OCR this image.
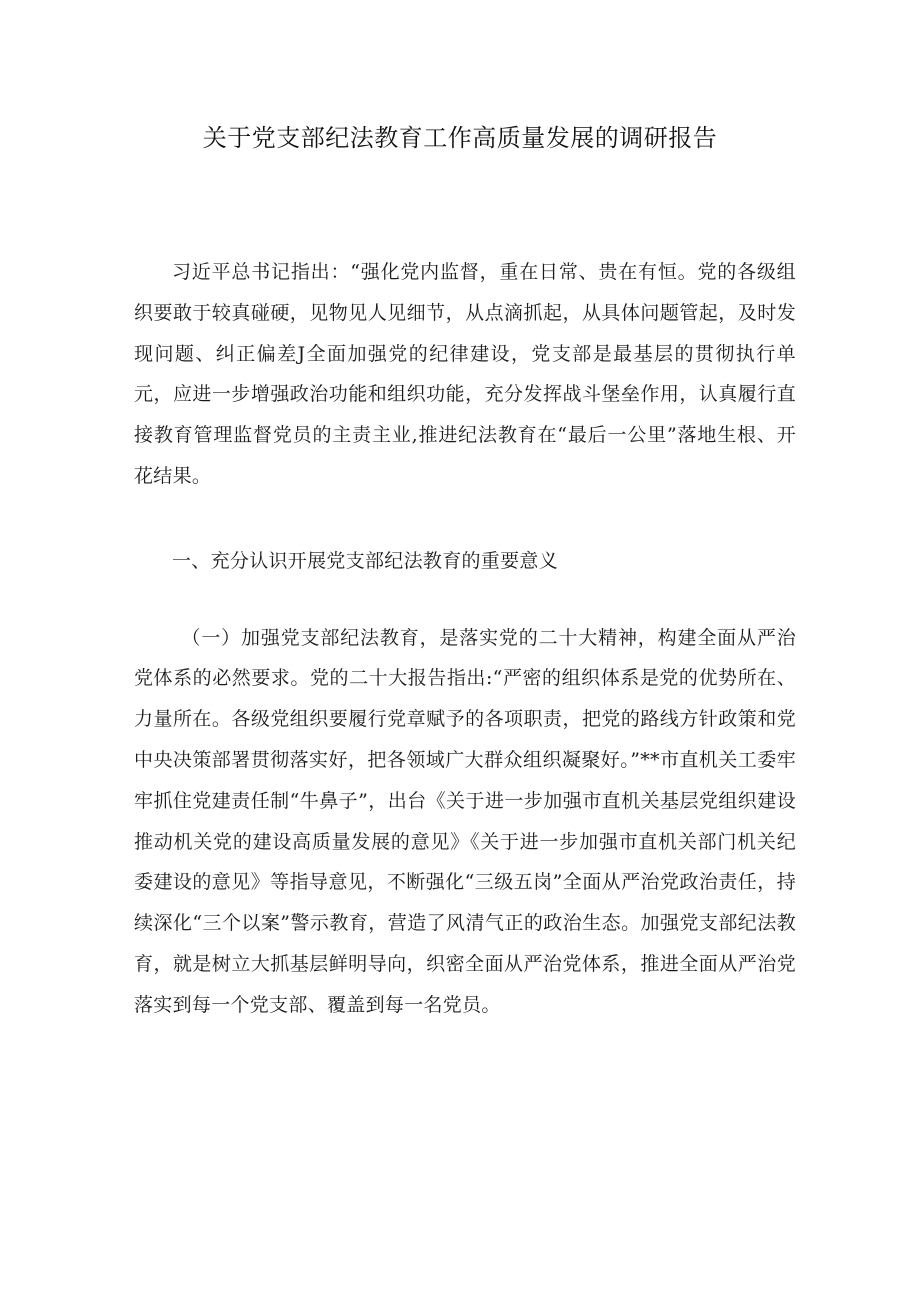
关于党支部纪法教育工作高质量发展的调研报告

习近平总书记指出：“强化党内监督，重在日常、贵在有恒。党的各级组织要敢于较真碰硬，见物见人见细节，从点滴抓起，从具体问题管起，及时发现问题、纠正偏差J全面加强党的纪律建设，党支部是最基层的贯彻执行单元，应进一步增强政治功能和组织功能，充分发挥战斗堡垒作用，认真履行直接教育管理监督党员的主责主业,推进纪法教育在“最后一公里”落地生根、开花结果。

一、充分认识开展党支部纪法教育的重要意义

（一）加强党支部纪法教育，是落实党的二十大精神，构建全面从严治党体系的必然要求。党的二十大报告指出:“严密的组织体系是党的优势所在、力量所在。各级党组织要履行党章赋予的各项职责，把党的路线方针政策和党中央决策部署贯彻落实好，把各领域广大群众组织凝聚好。”**市直机关工委牢牢抓住党建责任制“牛鼻子”，出台《关于进一步加强市直机关基层党组织建设推动机关党的建设高质量发展的意见》《关于进一步加强市直机关部门机关纪委建设的意见》等指导意见，不断强化“三级五岗”全面从严治党政治责任，持续深化“三个以案”警示教育，营造了风清气正的政治生态。加强党支部纪法教育，就是树立大抓基层鲜明导向，织密全面从严治党体系，推进全面从严治党落实到每一个党支部、覆盖到每一名党员。
